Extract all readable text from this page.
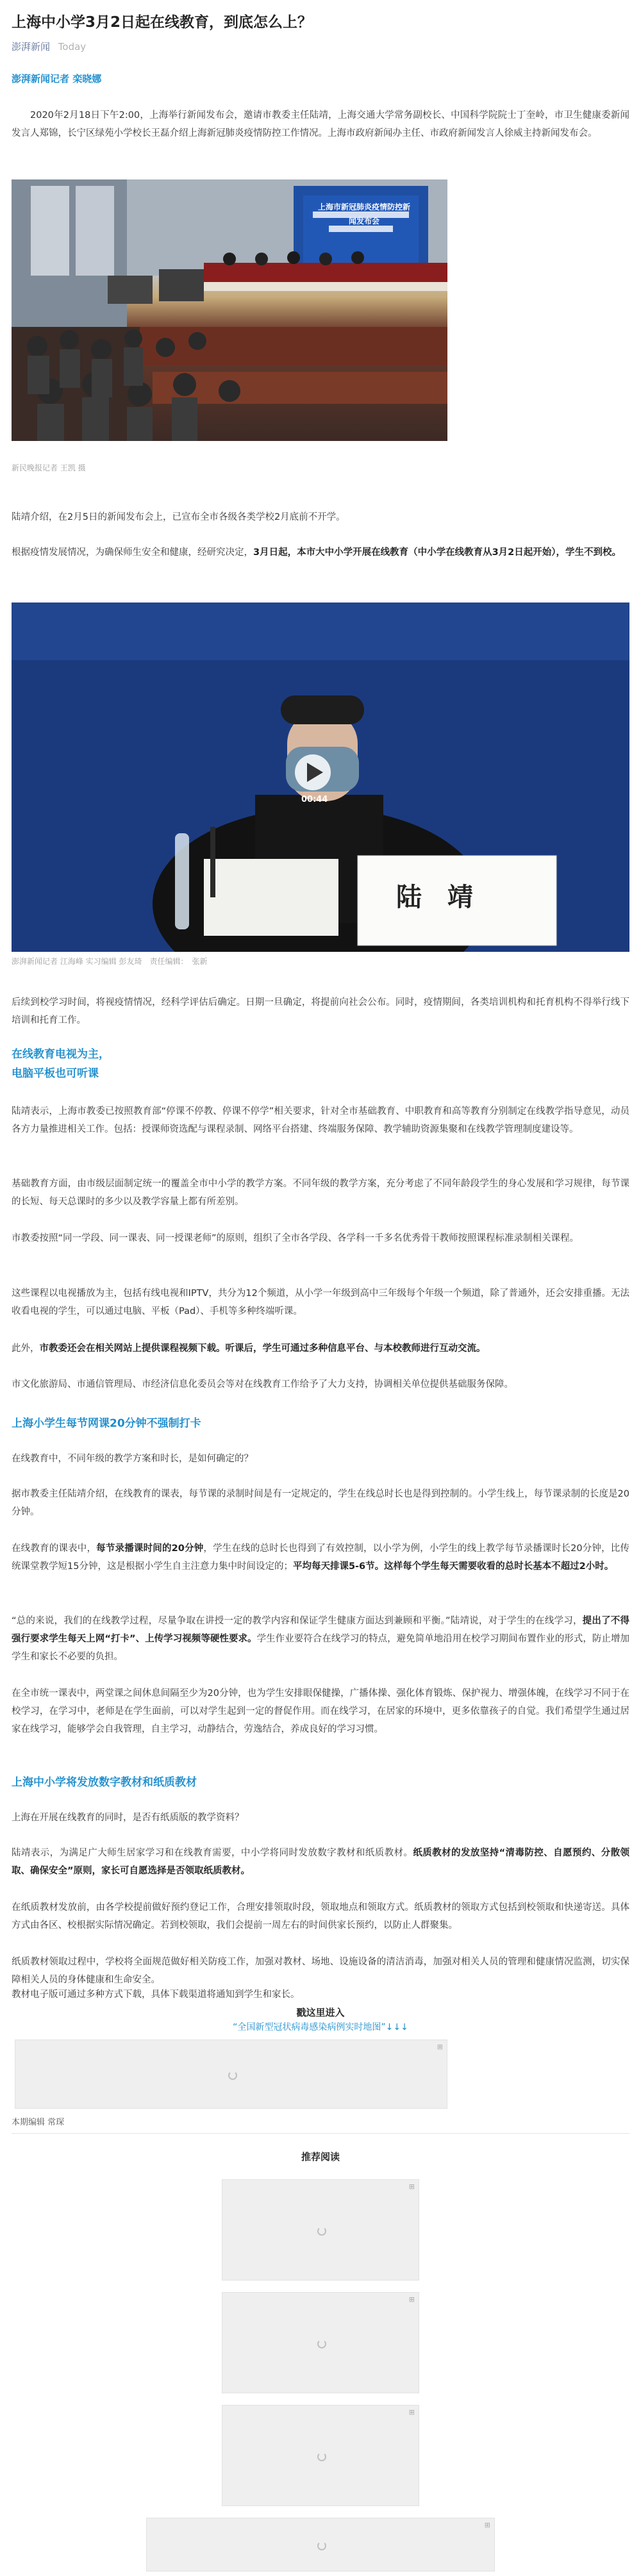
上海中小学3月2日起在线教育，到底怎么上？
澎湃新闻 Today
澎湃新闻记者 栾晓娜

2020年2月18日下午2:00，上海举行新闻发布会，邀请市教委主任陆靖，上海交通大学常务副校长、中国科学院院士丁奎岭，市卫生健康委新闻发言人郑锦，长宁区绿苑小学校长王磊介绍上海新冠肺炎疫情防控工作情况。上海市政府新闻办主任、市政府新闻发言人徐威主持新闻发布会。

新民晚报记者 王凯 摄

陆靖介绍，在2月5日的新闻发布会上，已宣布全市各级各类学校2月底前不开学。

根据疫情发展情况，为确保师生安全和健康，经研究决定，3月日起，本市大中小学开展在线教育（中小学在线教育从3月2日起开始），学生不到校。

陆　靖
00:44
澎湃新闻记者 江海峰 实习编辑 彭友琦　责任编辑：　张新

后续到校学习时间，将视疫情情况，经科学评估后确定。日期一旦确定，将提前向社会公布。同时，疫情期间，各类培训机构和托育机构不得举行线下培训和托育工作。

在线教育电视为主，
电脑平板也可听课

陆靖表示，上海市教委已按照教育部“停课不停教、停课不停学”相关要求，针对全市基础教育、中职教育和高等教育分别制定在线教学指导意见，动员各方力量推进相关工作。包括：授课师资选配与课程录制、网络平台搭建、终端服务保障、教学辅助资源集聚和在线教学管理制度建设等。

基础教育方面，由市级层面制定统一的覆盖全市中小学的教学方案。不同年级的教学方案，充分考虑了不同年龄段学生的身心发展和学习规律，每节课的长短、每天总课时的多少以及教学容量上都有所差别。

市教委按照“同一学段、同一课表、同一授课老师”的原则，组织了全市各学段、各学科一千多名优秀骨干教师按照课程标准录制相关课程。

这些课程以电视播放为主，包括有线电视和IPTV，共分为12个频道，从小学一年级到高中三年级每个年级一个频道，除了普通外，还会安排重播。无法收看电视的学生，可以通过电脑、平板（Pad）、手机等多种终端听课。

此外，市教委还会在相关网站上提供课程视频下载。听课后，学生可通过多种信息平台、与本校教师进行互动交流。

市文化旅游局、市通信管理局、市经济信息化委员会等对在线教育工作给予了大力支持，协调相关单位提供基础服务保障。

上海小学生每节网课20分钟不强制打卡

在线教育中，不同年级的教学方案和时长，是如何确定的？

据市教委主任陆靖介绍，在线教育的课表，每节课的录制时间是有一定规定的，学生在线总时长也是得到控制的。小学生线上，每节课录制的长度是20分钟。

在线教育的课表中，每节录播课时间的20分钟，学生在线的总时长也得到了有效控制，以小学为例，小学生的线上教学每节录播课时长20分钟，比传统课堂教学短15分钟，这是根据小学生自主注意力集中时间设定的；平均每天排课5-6节。这样每个学生每天需要收看的总时长基本不超过2小时。

“总的来说，我们的在线教学过程，尽量争取在讲授一定的教学内容和保证学生健康方面达到兼顾和平衡。”陆靖说，对于学生的在线学习，提出了不得强行要求学生每天上网“打卡”、上传学习视频等硬性要求。学生作业要符合在线学习的特点，避免简单地沿用在校学习期间布置作业的形式，防止增加学生和家长不必要的负担。

在全市统一课表中，两堂课之间休息间隔至少为20分钟，也为学生安排眼保健操，广播体操、强化体育锻炼、保护视力、增强体魄，在线学习不同于在校学习，在学习中，老师是在学生面前，可以对学生起到一定的督促作用。而在线学习，在居家的环境中，更多依靠孩子的自觉。我们希望学生通过居家在线学习，能够学会自我管理，自主学习，动静结合，劳逸结合，养成良好的学习习惯。

上海中小学将发放数字教材和纸质教材

上海在开展在线教育的同时，是否有纸质版的教学资料？

陆靖表示，为满足广大师生居家学习和在线教育需要，中小学将同时发放数字教材和纸质教材。纸质教材的发放坚持“清毒防控、自愿预约、分散领取、确保安全”原则，家长可自愿选择是否领取纸质教材。

在纸质教材发放前，由各学校提前做好预约登记工作，合理安排领取时段，领取地点和领取方式。纸质教材的领取方式包括到校领取和快递寄送。具体方式由各区、校根据实际情况确定。若到校领取，我们会提前一周左右的时间供家长预约，以防止人群聚集。

纸质教材领取过程中，学校将全面规范做好相关防疫工作，加强对教材、场地、设施设备的清洁消毒，加强对相关人员的管理和健康情况监测，切实保障相关人员的身体健康和生命安全。

戳这里进入
“全国新型冠状病毒感染病例实时地图”↓↓↓
⊞
本期编辑 常琛
推荐阅读
⊞
⊞
⊞
⊞

教材电子版可通过多种方式下载，具体下载渠道将通知到学生和家长。

上海市新冠肺炎疫情防控新闻发布会
